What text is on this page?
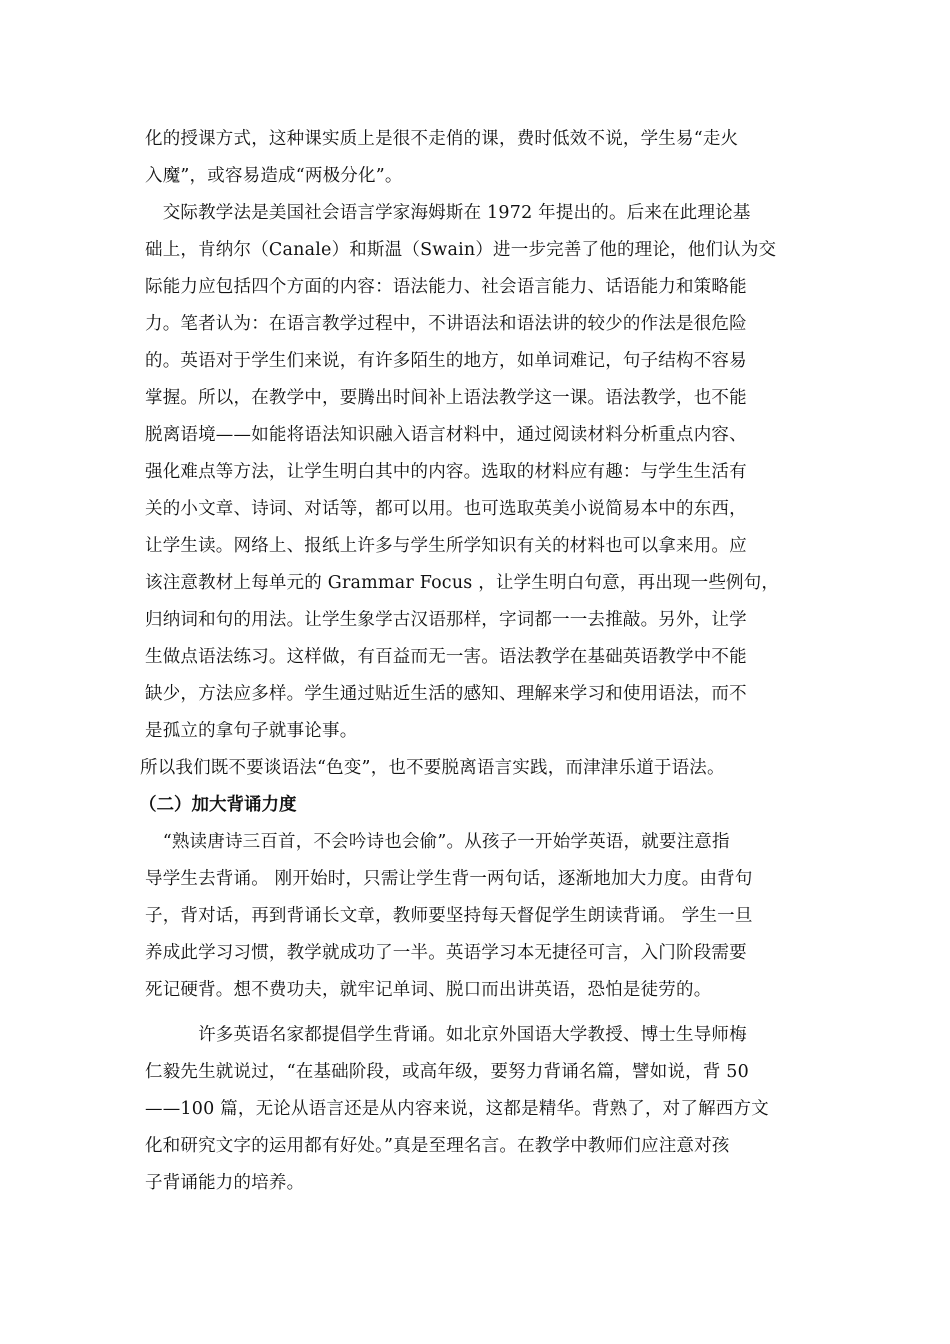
化的授课方式，这种课实质上是很不走俏的课，费时低效不说，学生易“走火
入魔”，或容易造成“两极分化”。
　交际教学法是美国社会语言学家海姆斯在 1972 年提出的。后来在此理论基
础上，肯纳尔（Canale）和斯温（Swain）进一步完善了他的理论，他们认为交
际能力应包括四个方面的内容：语法能力、社会语言能力、话语能力和策略能
力。笔者认为：在语言教学过程中，不讲语法和语法讲的较少的作法是很危险
的。英语对于学生们来说，有许多陌生的地方，如单词难记，句子结构不容易
掌握。所以，在教学中，要腾出时间补上语法教学这一课。语法教学，也不能
脱离语境——如能将语法知识融入语言材料中，通过阅读材料分析重点内容、
强化难点等方法，让学生明白其中的内容。选取的材料应有趣：与学生生活有
关的小文章、诗词、对话等，都可以用。也可选取英美小说简易本中的东西，
让学生读。网络上、报纸上许多与学生所学知识有关的材料也可以拿来用。应
该注意教材上每单元的 Grammar Focus ，让学生明白句意，再出现一些例句，
归纳词和句的用法。让学生象学古汉语那样，字词都一一去推敲。另外，让学
生做点语法练习。这样做，有百益而无一害。语法教学在基础英语教学中不能
缺少，方法应多样。学生通过贴近生活的感知、理解来学习和使用语法，而不
是孤立的拿句子就事论事。
所以我们既不要谈语法“色变”，也不要脱离语言实践，而津津乐道于语法。
（二）加大背诵力度
　“熟读唐诗三百首，不会吟诗也会偷”。从孩子一开始学英语，就要注意指
导学生去背诵。 刚开始时，只需让学生背一两句话，逐渐地加大力度。由背句
子，背对话，再到背诵长文章，教师要坚持每天督促学生朗读背诵。 学生一旦
养成此学习习惯，教学就成功了一半。英语学习本无捷径可言，入门阶段需要
死记硬背。想不费功夫，就牢记单词、脱口而出讲英语，恐怕是徒劳的。
　　　许多英语名家都提倡学生背诵。如北京外国语大学教授、博士生导师梅
仁毅先生就说过，“在基础阶段，或高年级，要努力背诵名篇，譬如说，背 50
——100 篇，无论从语言还是从内容来说，这都是精华。背熟了，对了解西方文
化和研究文字的运用都有好处。”真是至理名言。在教学中教师们应注意对孩
子背诵能力的培养。
